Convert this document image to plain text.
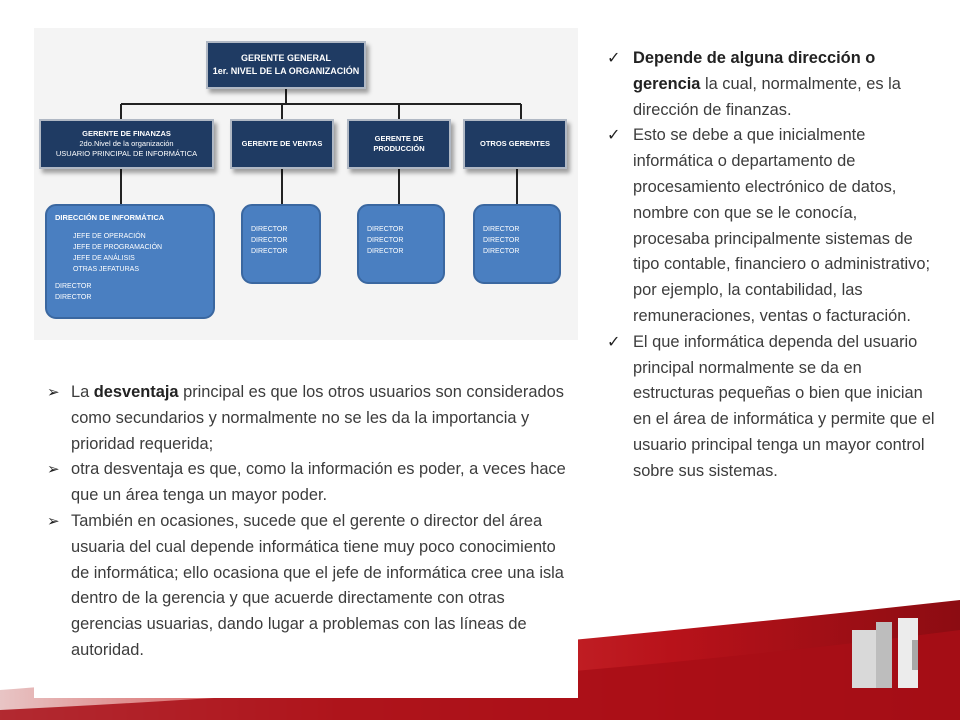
GERENTE GENERAL
1er. NIVEL DE LA ORGANIZACIÓN
GERENTE DE FINANZAS
2do.Nivel de la organización
USUARIO PRINCIPAL DE INFORMÁTICA
GERENTE DE VENTAS
GERENTE DE
PRODUCCIÓN
OTROS GERENTES
DIRECCIÓN DE INFORMÁTICA
JEFE DE OPERACIÓN
JEFE DE PROGRAMACIÓN
JEFE DE ANÁLISIS
OTRAS JEFATURAS
DIRECTOR
DIRECTOR
DIRECTOR
DIRECTOR
DIRECTOR
DIRECTOR
DIRECTOR
DIRECTOR
DIRECTOR
DIRECTOR
DIRECTOR
➢ La desventaja principal es que los otros usuarios son considerados como secundarios y normalmente no se les da la importancia y prioridad requerida;
➢ otra desventaja es que, como la información es poder, a veces hace que un área tenga un mayor poder.
➢ También en ocasiones, sucede que el gerente o director del área usuaria del cual depende informática tiene muy poco conocimiento de informática; ello ocasiona que el jefe de informática cree una isla dentro de la gerencia y que acuerde directamente con otras gerencias usuarias, dando lugar a problemas con las líneas de autoridad.
✓ Depende de alguna dirección o gerencia la cual, normalmente, es la dirección de finanzas.
✓ Esto se debe a que inicialmente informática o departamento de procesamiento electrónico de datos, nombre con que se le conocía, procesaba principalmente sistemas de tipo contable, financiero o administrativo; por ejemplo, la contabilidad, las remuneraciones, ventas o facturación.
✓ El que informática dependa del usuario principal normalmente se da en estructuras pequeñas o bien que inician en el área de informática y permite que el usuario principal tenga un mayor control sobre sus sistemas.
